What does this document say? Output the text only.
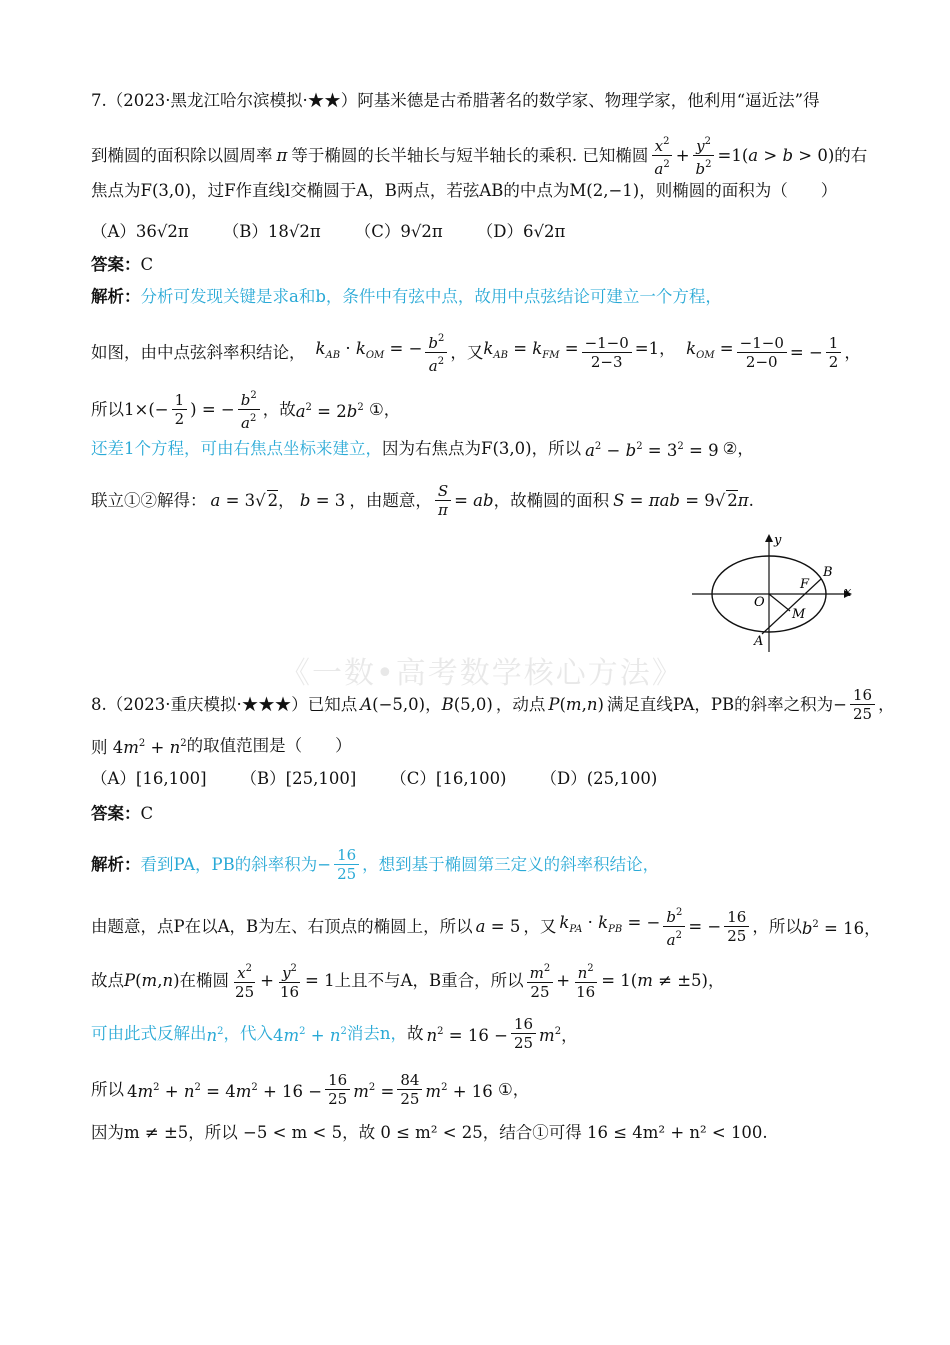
7.（2023·黑龙江哈尔滨模拟·★★）阿基米德是古希腊著名的数学家、物理学家，他利用“逼近法”得
到椭圆的面积除以圆周率 π 等于椭圆的长半轴长与短半轴长的乘积. 已知椭圆 $\frac{x^2}{a^2} + \frac{y^2}{b^2} =1(a > b > 0)$ 的右
焦点为F(3,0)，过F作直线l交椭圆于A，B两点，若弦AB的中点为M(2,−1)，则椭圆的面积为（　　）
（A）36√2π （B）18√2π （C）9√2π （D）6√2π
答案： C
解析： 分析可发现关键是求a和b，条件中有弦中点，故用中点弦结论可建立一个方程，
如图，由中点弦斜率积结论， $k_{AB} \cdot k_{OM}$ = − $\frac{b^2}{a^2}$ ，又 $k_{AB} = k_{FM} = \frac{-1-0}{2-3} =1$，  $k_{OM} = \frac{-1-0}{2-0}$ = − $\frac{1}{2}$ ，
所以 $1\times(- \frac{1}{2}$ ) = − $\frac{b^2}{a^2}$ ，故 $a^2 = 2b^2$ ①，
还差1个方程，可由右焦点坐标来建立， 因为右焦点为F(3,0)，所以 $a^2 - b^2 = 3^2 = 9$ ②，
联立①②解得： a = 3√ 2， b = 3 ，由题意， $\frac{S}{\pi}$ = ab ，故椭圆的面积 S = πab = 9√ 2π.
y
x
O
F
B
M
A
《一数•高考数学核心方法》
8.（2023·重庆模拟·★★★）已知点 A(−5,0)，B(5,0) ，动点 P(m,n) 满足直线PA，PB的斜率之积为 − $\frac{16}{25}$ ，
则 $4m^2 + n^2$ 的取值范围是（　　）
（A）[16,100] （B）[25,100] （C）[16,100) （D）(25,100)
答案： C
解析： 看到PA，PB的斜率积为 − $\frac{16}{25}$ ，想到基于椭圆第三定义的斜率积结论，
由题意，点P在以A，B为左、右顶点的椭圆上，所以 a = 5 ，又 $k_{PA} \cdot k_{PB}$ = − $\frac{b^2}{a^2}$ = − $\frac{16}{25}$ ，所以 $b^2 = 16$，
故点 P(m,n) 在椭圆 $\frac{x^2}{25} + \frac{y^2}{16} = 1$ 上且不与A，B重合，所以 $\frac{m^2}{25} + \frac{n^2}{16} = 1(m \ne \pm 5)$，
可由此式反解出 $n^2$ ，代入 $4m^2 + n^2$ 消去n， 故 $n^2 = 16 - \frac{16}{25} m^2$，
所以 $4m^2 + n^2 = 4m^2 + 16 - \frac{16}{25} m^2 = \frac{84}{25} m^2 + 16$ ①，
因为m ≠ ±5，所以 −5 < m < 5，故 0 ≤ m² < 25，结合①可得 16 ≤ 4m² + n² < 100.
